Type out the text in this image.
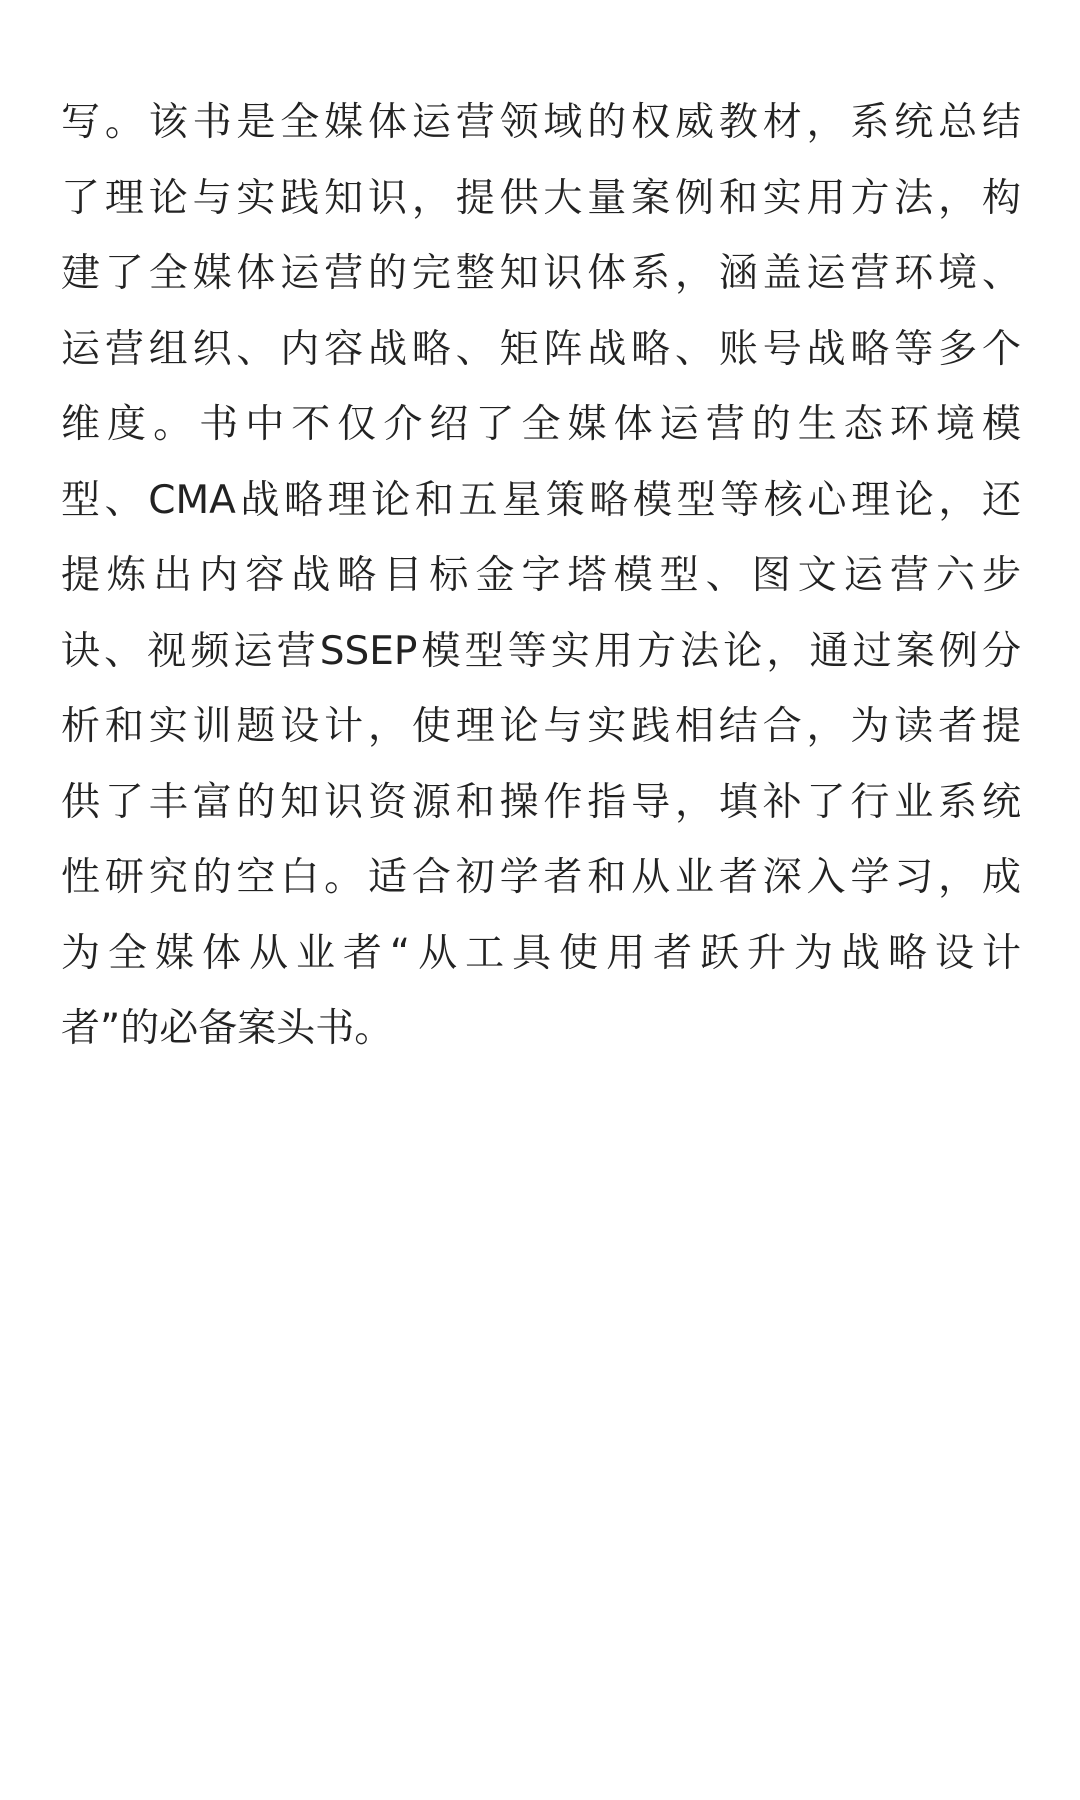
写。该书是全媒体运营领域的权威教材，系统总结
了理论与实践知识，提供大量案例和实用方法，构
建了全媒体运营的完整知识体系，涵盖运营环境、
运营组织、内容战略、矩阵战略、账号战略等多个
维度。书中不仅介绍了全媒体运营的生态环境模
型、CMA战略理论和五星策略模型等核心理论，还
提炼出内容战略目标金字塔模型、图文运营六步
诀、视频运营SSEP模型等实用方法论，通过案例分
析和实训题设计，使理论与实践相结合，为读者提
供了丰富的知识资源和操作指导，填补了行业系统
性研究的空白。适合初学者和从业者深入学习，成
为全媒体从业者“从工具使用者跃升为战略设计
者”的必备案头书。
